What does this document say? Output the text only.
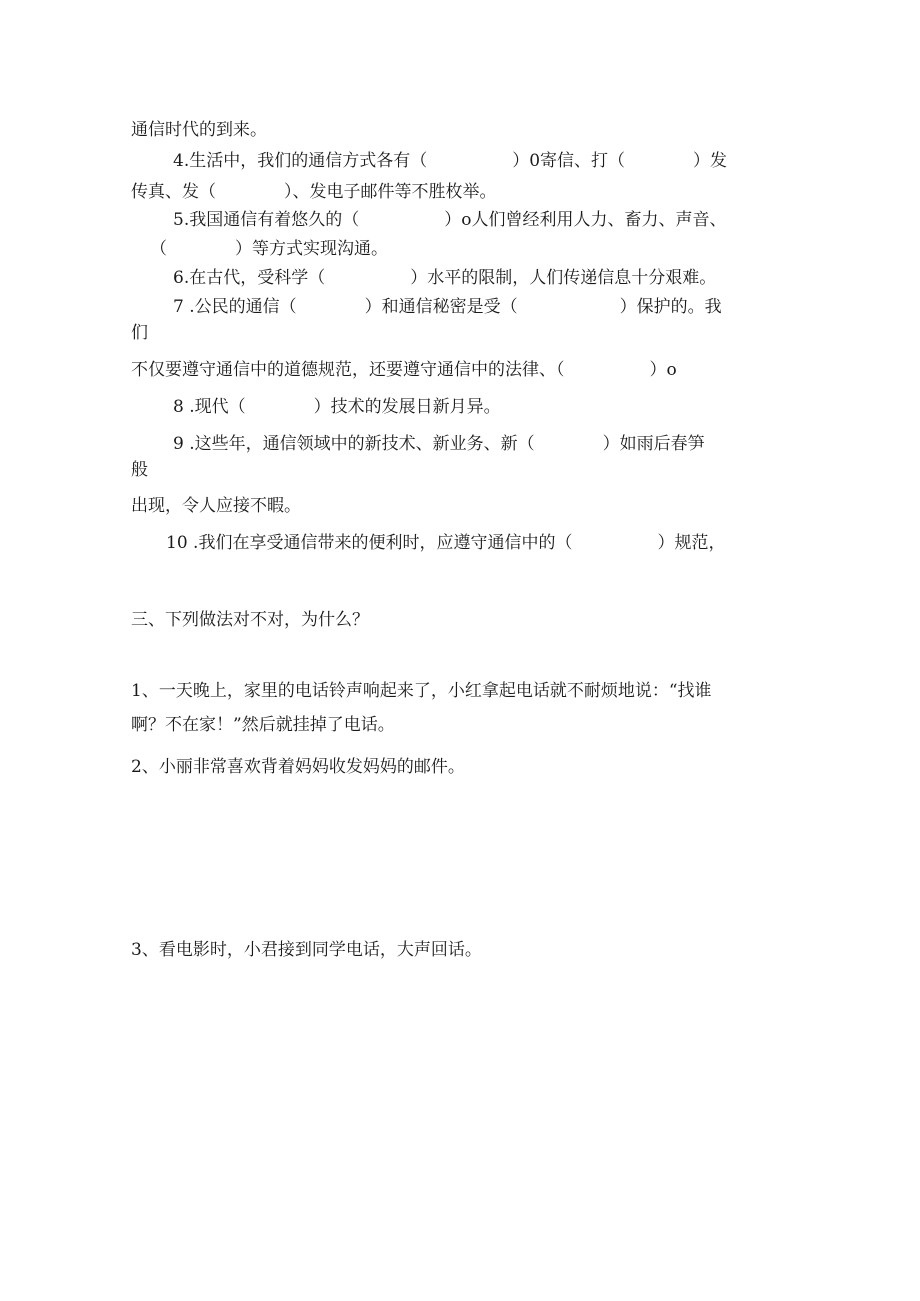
通信时代的到来。
4.生活中，我们的通信方式各有（　　　　　）0寄信、打（　　　　）发
传真、发（　　　　）、发电子邮件等不胜枚举。
5.我国通信有着悠久的（　　　　　）o人们曾经利用人力、畜力、声音、
（　　　　）等方式实现沟通。
6.在古代，受科学（　　　　　）水平的限制，人们传递信息十分艰难。
7 .公民的通信（　　　　）和通信秘密是受（　　　　　　）保护的。我
们
不仅要遵守通信中的道德规范，还要遵守通信中的法律、（　　　　　）o
8 .现代（　　　　）技术的发展日新月异。
9 .这些年，通信领域中的新技术、新业务、新（　　　　）如雨后春笋
般
出现，令人应接不暇。
10 .我们在享受通信带来的便利时，应遵守通信中的（　　　　　）规范，
三、下列做法对不对，为什么？
1、一天晚上，家里的电话铃声响起来了，小红拿起电话就不耐烦地说：“找谁
啊？不在家！”然后就挂掉了电话。
2、小丽非常喜欢背着妈妈收发妈妈的邮件。
3、看电影时，小君接到同学电话，大声回话。
